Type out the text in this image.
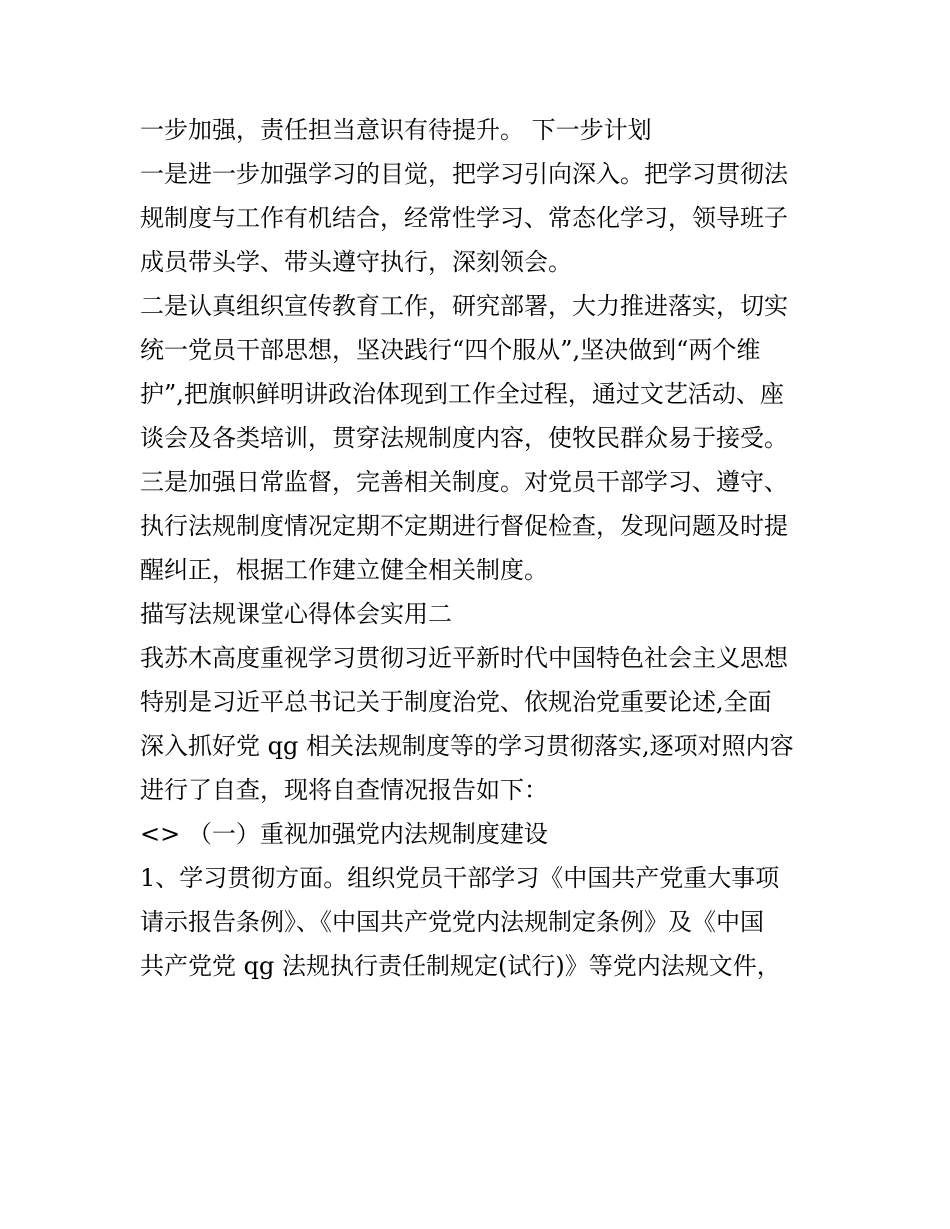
一步加强，责任担当意识有待提升。 下一步计划
一是进一步加强学习的目觉，把学习引向深入。把学习贯彻法
规制度与工作有机结合，经常性学习、常态化学习，领导班子
成员带头学、带头遵守执行，深刻领会。
二是认真组织宣传教育工作，研究部署，大力推进落实，切实
统一党员干部思想，坚决践行“四个服从”,坚决做到“两个维
护”,把旗帜鲜明讲政治体现到工作全过程，通过文艺活动、座
谈会及各类培训，贯穿法规制度内容，使牧民群众易于接受。
三是加强日常监督，完善相关制度。对党员干部学习、遵守、
执行法规制度情况定期不定期进行督促检查，发现问题及时提
醒纠正，根据工作建立健全相关制度。
描写法规课堂心得体会实用二
我苏木高度重视学习贯彻习近平新时代中国特色社会主义思想
特别是习近平总书记关于制度治党、依规治党重要论述,全面
深入抓好党 qg 相关法规制度等的学习贯彻落实,逐项对照内容
进行了自查，现将自查情况报告如下：
<> （一）重视加强党内法规制度建设
1、学习贯彻方面。组织党员干部学习《中国共产党重大事项
请示报告条例》、《中国共产党党内法规制定条例》及《中国
共产党党 qg 法规执行责任制规定(试行)》等党内法规文件，
